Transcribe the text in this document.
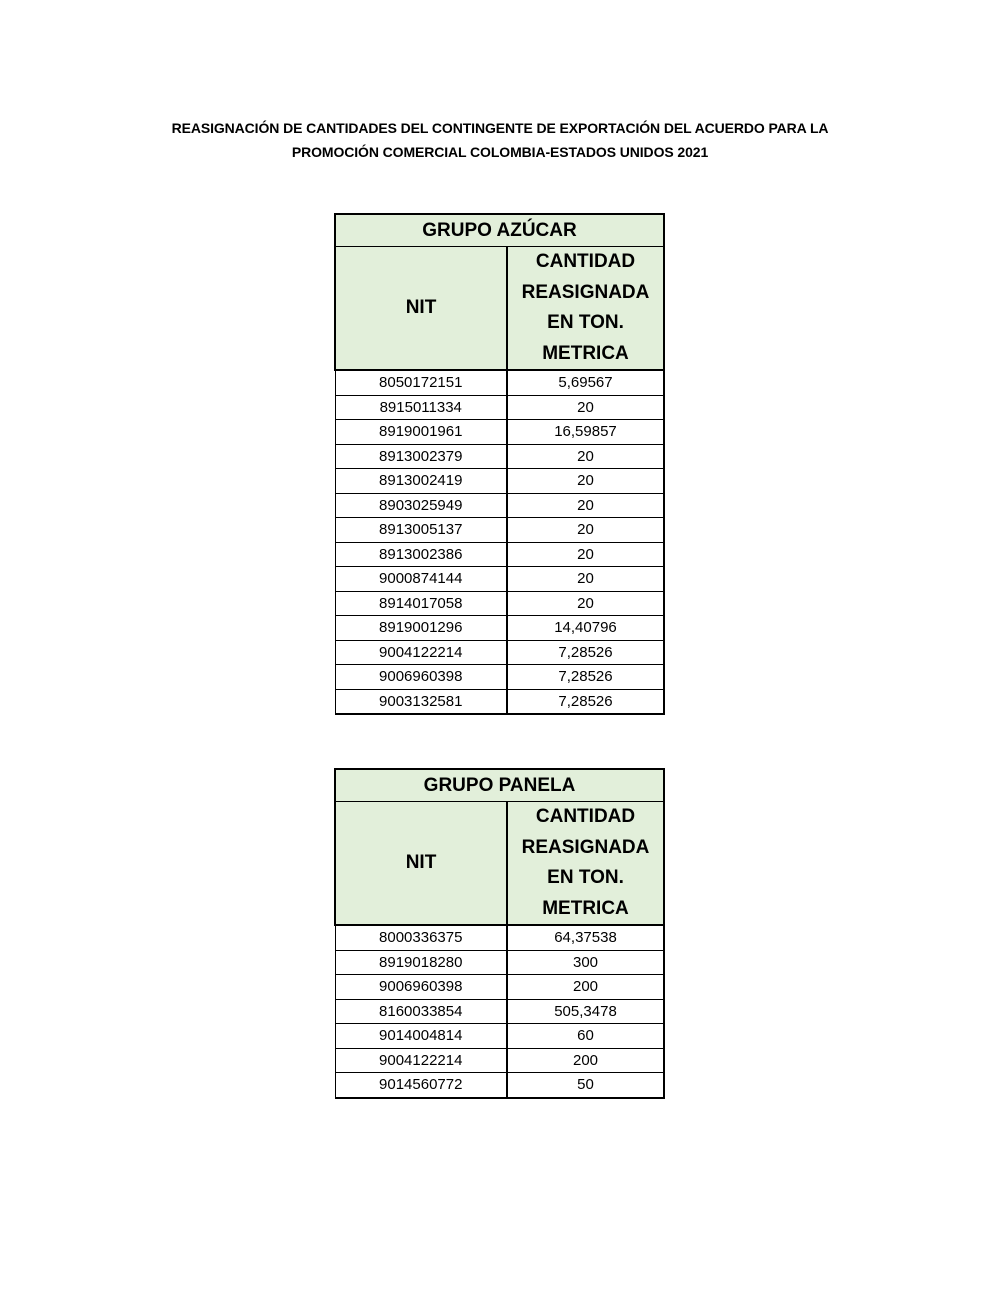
REASIGNACIÓN DE CANTIDADES DEL CONTINGENTE DE EXPORTACIÓN DEL ACUERDO PARA LA
PROMOCIÓN COMERCIAL COLOMBIA-ESTADOS UNIDOS 2021
GRUPO AZÚCAR	
NIT	CANTIDAD
REASIGNADA
EN TON.
METRICA

8050172151	5,69567
8915011334	20
8919001961	16,59857
8913002379	20
8913002419	20
8903025949	20
8913005137	20
8913002386	20
9000874144	20
8914017058	20
8919001296	14,40796
9004122214	7,28526
9006960398	7,28526
9003132581	7,28526
GRUPO PANELA	
NIT	CANTIDAD
REASIGNADA
EN TON.
METRICA

8000336375	64,37538
8919018280	300
9006960398	200
8160033854	505,3478
9014004814	60
9004122214	200
9014560772	50
